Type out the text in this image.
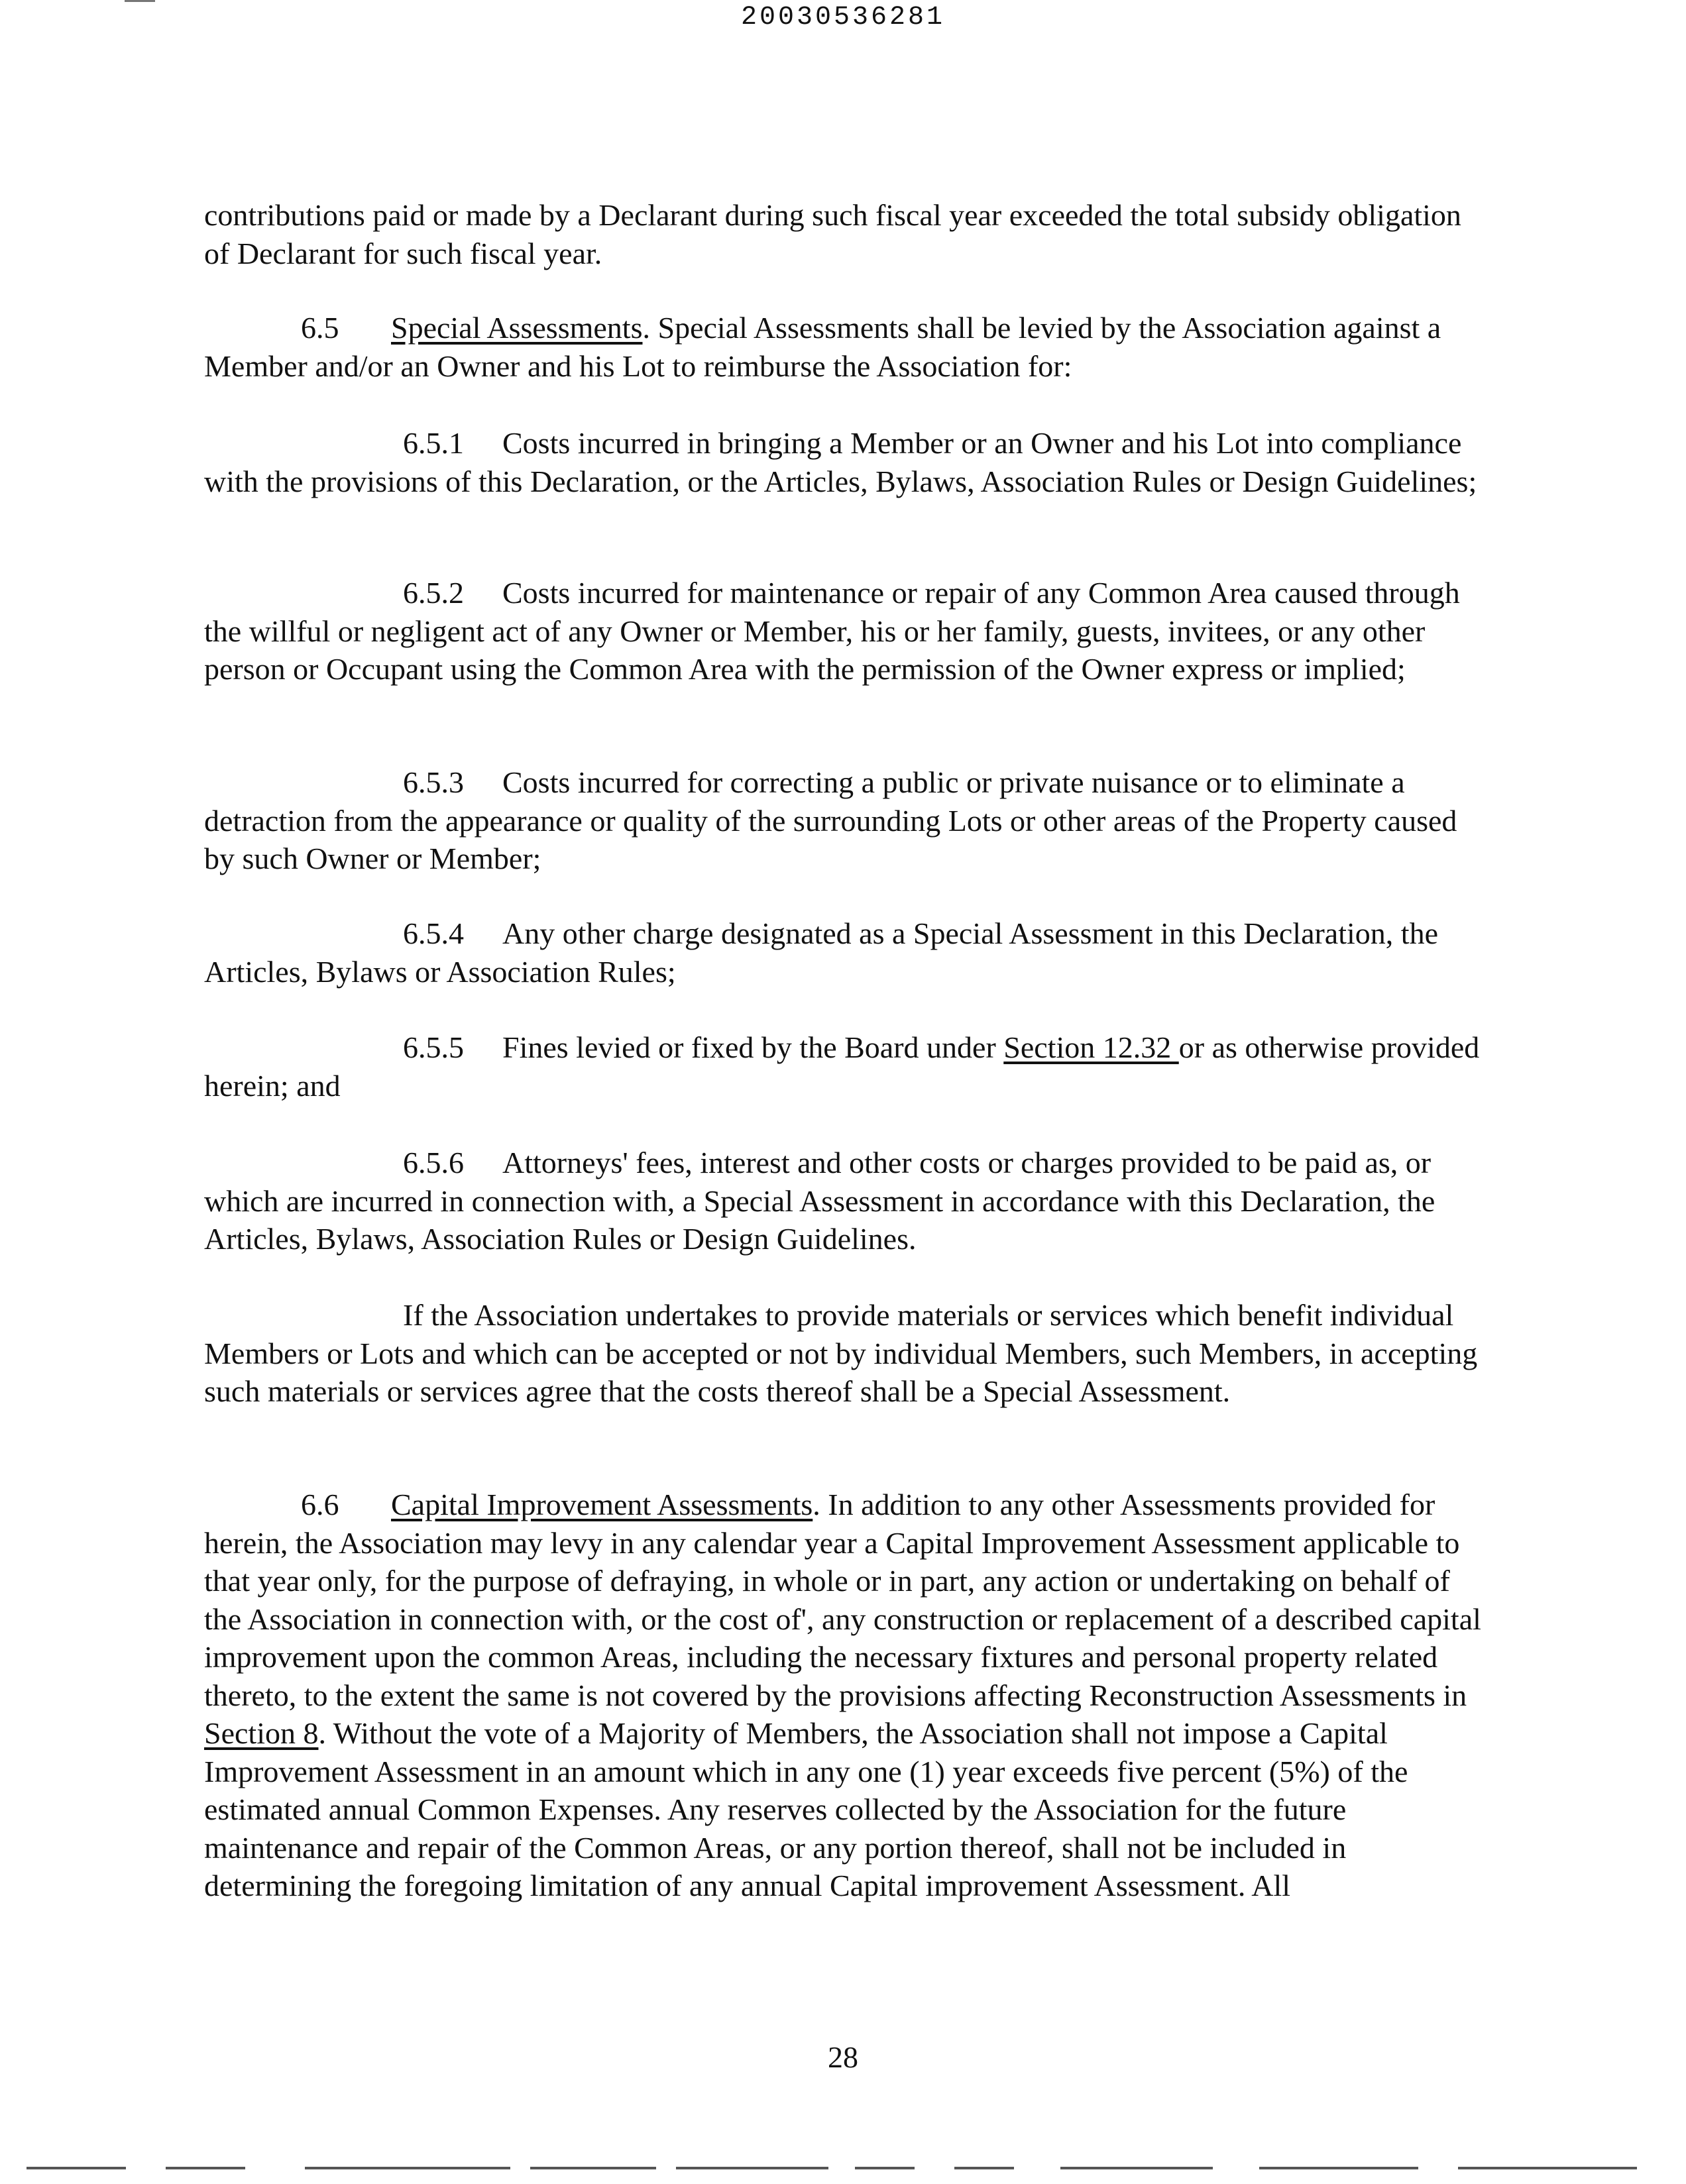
20030536281

contributions paid or made by a Declarant during such fiscal year exceeded the total subsidy obligation of Declarant for such fiscal year.

6.5 Special Assessments. Special Assessments shall be levied by the Association against a Member and/or an Owner and his Lot to reimburse the Association for:

6.5.1 Costs incurred in bringing a Member or an Owner and his Lot into compliance with the provisions of this Declaration, or the Articles, Bylaws, Association Rules or Design Guidelines;

6.5.2 Costs incurred for maintenance or repair of any Common Area caused through the willful or negligent act of any Owner or Member, his or her family, guests, invitees, or any other person or Occupant using the Common Area with the permission of the Owner express or implied;

6.5.3 Costs incurred for correcting a public or private nuisance or to eliminate a detraction from the appearance or quality of the surrounding Lots or other areas of the Property caused by such Owner or Member;

6.5.4 Any other charge designated as a Special Assessment in this Declaration, the Articles, Bylaws or Association Rules;

6.5.5 Fines levied or fixed by the Board under Section 12.32 or as otherwise provided herein; and

6.5.6 Attorneys' fees, interest and other costs or charges provided to be paid as, or which are incurred in connection with, a Special Assessment in accordance with this Declaration, the Articles, Bylaws, Association Rules or Design Guidelines.

If the Association undertakes to provide materials or services which benefit individual Members or Lots and which can be accepted or not by individual Members, such Members, in accepting such materials or services agree that the costs thereof shall be a Special Assessment.

6.6 Capital Improvement Assessments. In addition to any other Assessments provided for herein, the Association may levy in any calendar year a Capital Improvement Assessment applicable to that year only, for the purpose of defraying, in whole or in part, any action or undertaking on behalf of the Association in connection with, or the cost of', any construction or replacement of a described capital improvement upon the common Areas, including the necessary fixtures and personal property related thereto, to the extent the same is not covered by the provisions affecting Reconstruction Assessments in Section 8. Without the vote of a Majority of Members, the Association shall not impose a Capital Improvement Assessment in an amount which in any one (1) year exceeds five percent (5%) of the estimated annual Common Expenses. Any reserves collected by the Association for the future maintenance and repair of the Common Areas, or any portion thereof, shall not be included in determining the foregoing limitation of any annual Capital improvement Assessment. All

28
